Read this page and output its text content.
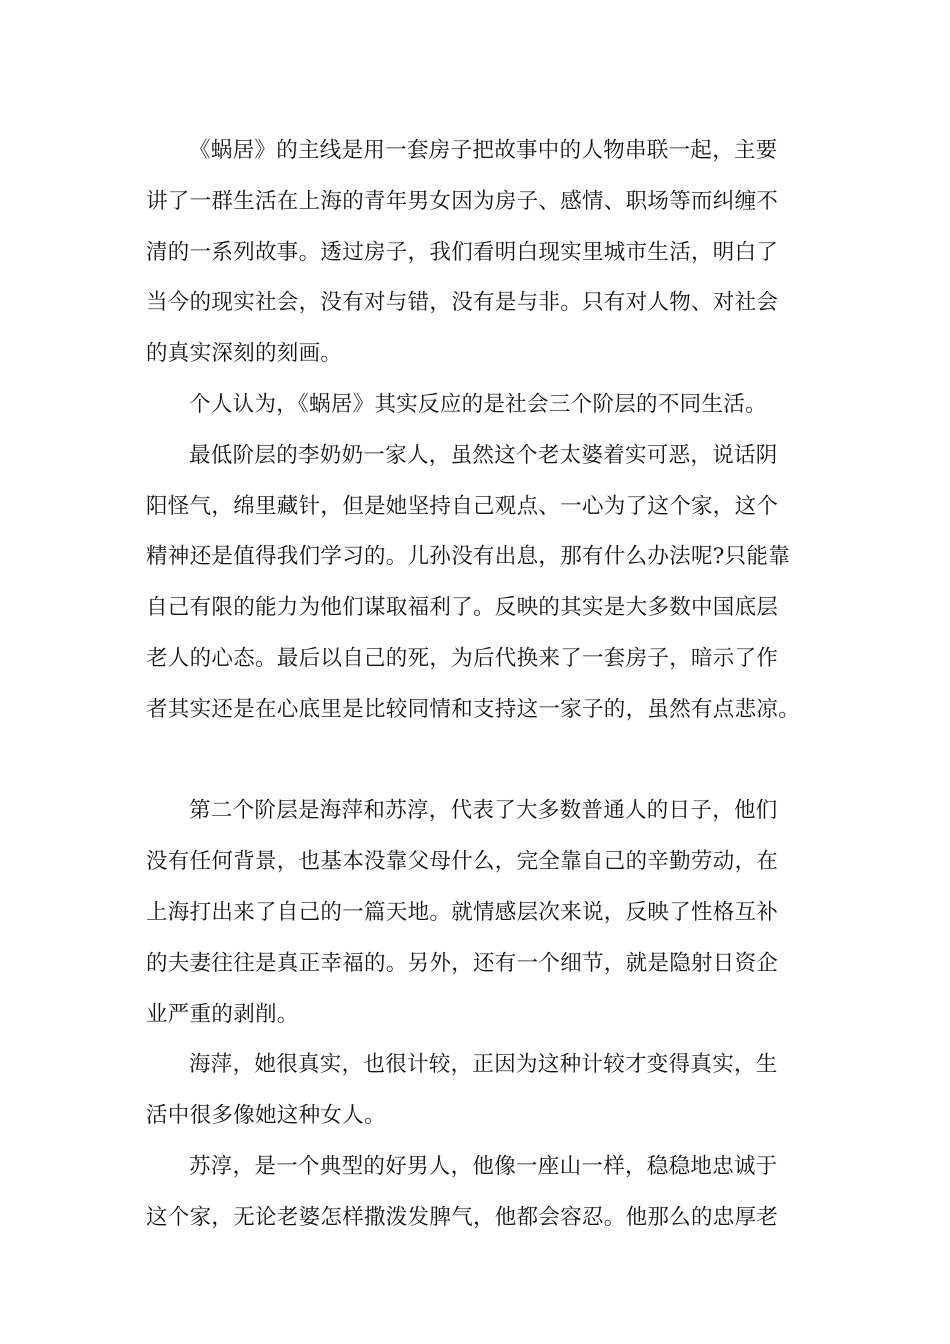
《蜗居》的主线是用一套房子把故事中的人物串联一起，主要
讲了一群生活在上海的青年男女因为房子、感情、职场等而纠缠不
清的一系列故事。透过房子，我们看明白现实里城市生活，明白了
当今的现实社会，没有对与错，没有是与非。只有对人物、对社会
的真实深刻的刻画。
个人认为，《蜗居》其实反应的是社会三个阶层的不同生活。
最低阶层的李奶奶一家人，虽然这个老太婆着实可恶，说话阴
阳怪气，绵里藏针，但是她坚持自己观点、一心为了这个家，这个
精神还是值得我们学习的。儿孙没有出息，那有什么办法呢?只能靠
自己有限的能力为他们谋取福利了。反映的其实是大多数中国底层
老人的心态。最后以自己的死，为后代换来了一套房子，暗示了作
者其实还是在心底里是比较同情和支持这一家子的，虽然有点悲凉。
第二个阶层是海萍和苏淳，代表了大多数普通人的日子，他们
没有任何背景，也基本没靠父母什么，完全靠自己的辛勤劳动，在
上海打出来了自己的一篇天地。就情感层次来说，反映了性格互补
的夫妻往往是真正幸福的。另外，还有一个细节，就是隐射日资企
业严重的剥削。
海萍，她很真实，也很计较，正因为这种计较才变得真实，生
活中很多像她这种女人。
苏淳，是一个典型的好男人，他像一座山一样，稳稳地忠诚于
这个家，无论老婆怎样撒泼发脾气，他都会容忍。他那么的忠厚老
